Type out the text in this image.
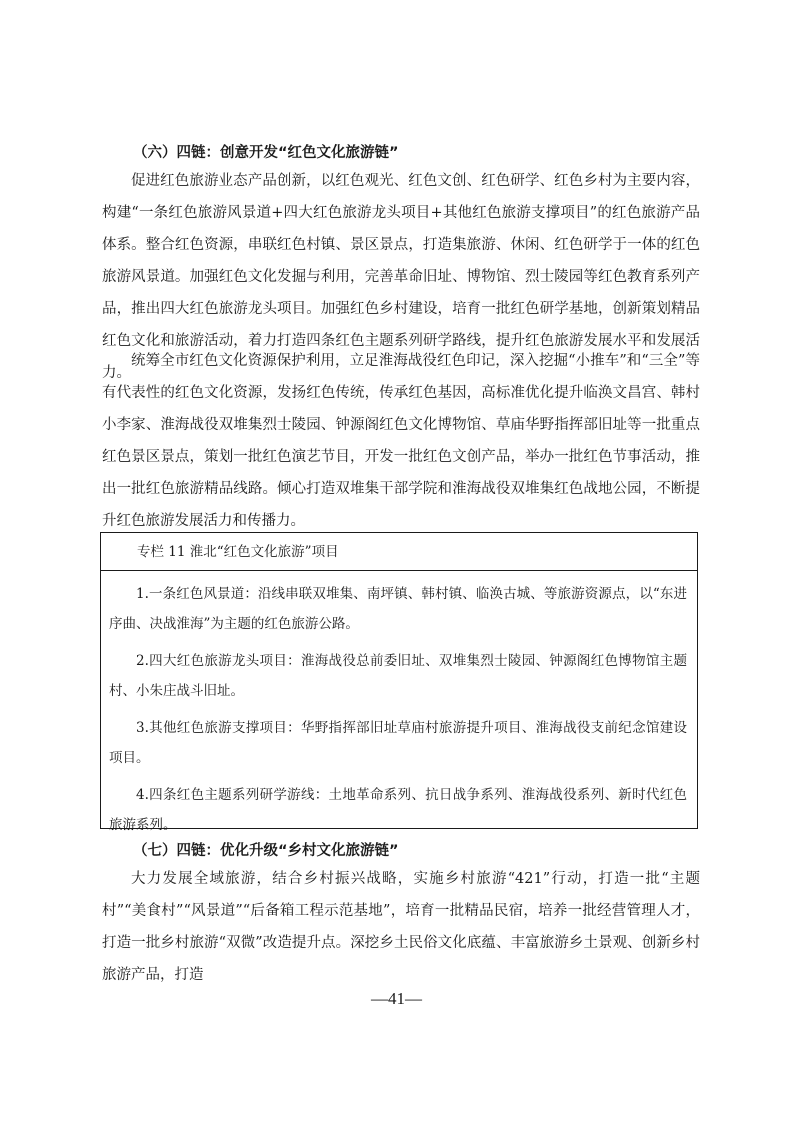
（六）四链：创意开发“红色文化旅游链”

促进红色旅游业态产品创新，以红色观光、红色文创、红色研学、红色乡村为主要内容，构建“一条红色旅游风景道+四大红色旅游龙头项目+其他红色旅游支撑项目”的红色旅游产品体系。整合红色资源，串联红色村镇、景区景点，打造集旅游、休闲、红色研学于一体的红色旅游风景道。加强红色文化发掘与利用，完善革命旧址、博物馆、烈士陵园等红色教育系列产品，推出四大红色旅游龙头项目。加强红色乡村建设，培育一批红色研学基地，创新策划精品红色文化和旅游活动，着力打造四条红色主题系列研学路线，提升红色旅游发展水平和发展活力。

统筹全市红色文化资源保护利用，立足淮海战役红色印记，深入挖掘“小推车”和“三全”等有代表性的红色文化资源，发扬红色传统，传承红色基因，高标准优化提升临涣文昌宫、韩村小李家、淮海战役双堆集烈士陵园、钟源阁红色文化博物馆、草庙华野指挥部旧址等一批重点红色景区景点，策划一批红色演艺节目，开发一批红色文创产品，举办一批红色节事活动，推出一批红色旅游精品线路。倾心打造双堆集干部学院和淮海战役双堆集红色战地公园，不断提升红色旅游发展活力和传播力。

专栏 11 淮北“红色文化旅游”项目

1.一条红色风景道：沿线串联双堆集、南坪镇、韩村镇、临涣古城、等旅游资源点，以“东进序曲、决战淮海”为主题的红色旅游公路。

2.四大红色旅游龙头项目：淮海战役总前委旧址、双堆集烈士陵园、钟源阁红色博物馆主题村、小朱庄战斗旧址。

3.其他红色旅游支撑项目：华野指挥部旧址草庙村旅游提升项目、淮海战役支前纪念馆建设项目。

4.四条红色主题系列研学游线：土地革命系列、抗日战争系列、淮海战役系列、新时代红色旅游系列。

（七）四链：优化升级“乡村文化旅游链”

大力发展全域旅游，结合乡村振兴战略，实施乡村旅游“421”行动，打造一批“主题村”“美食村”“风景道”“后备箱工程示范基地”，培育一批精品民宿，培养一批经营管理人才，打造一批乡村旅游“双微”改造提升点。深挖乡土民俗文化底蕴、丰富旅游乡土景观、创新乡村旅游产品，打造

—41—
